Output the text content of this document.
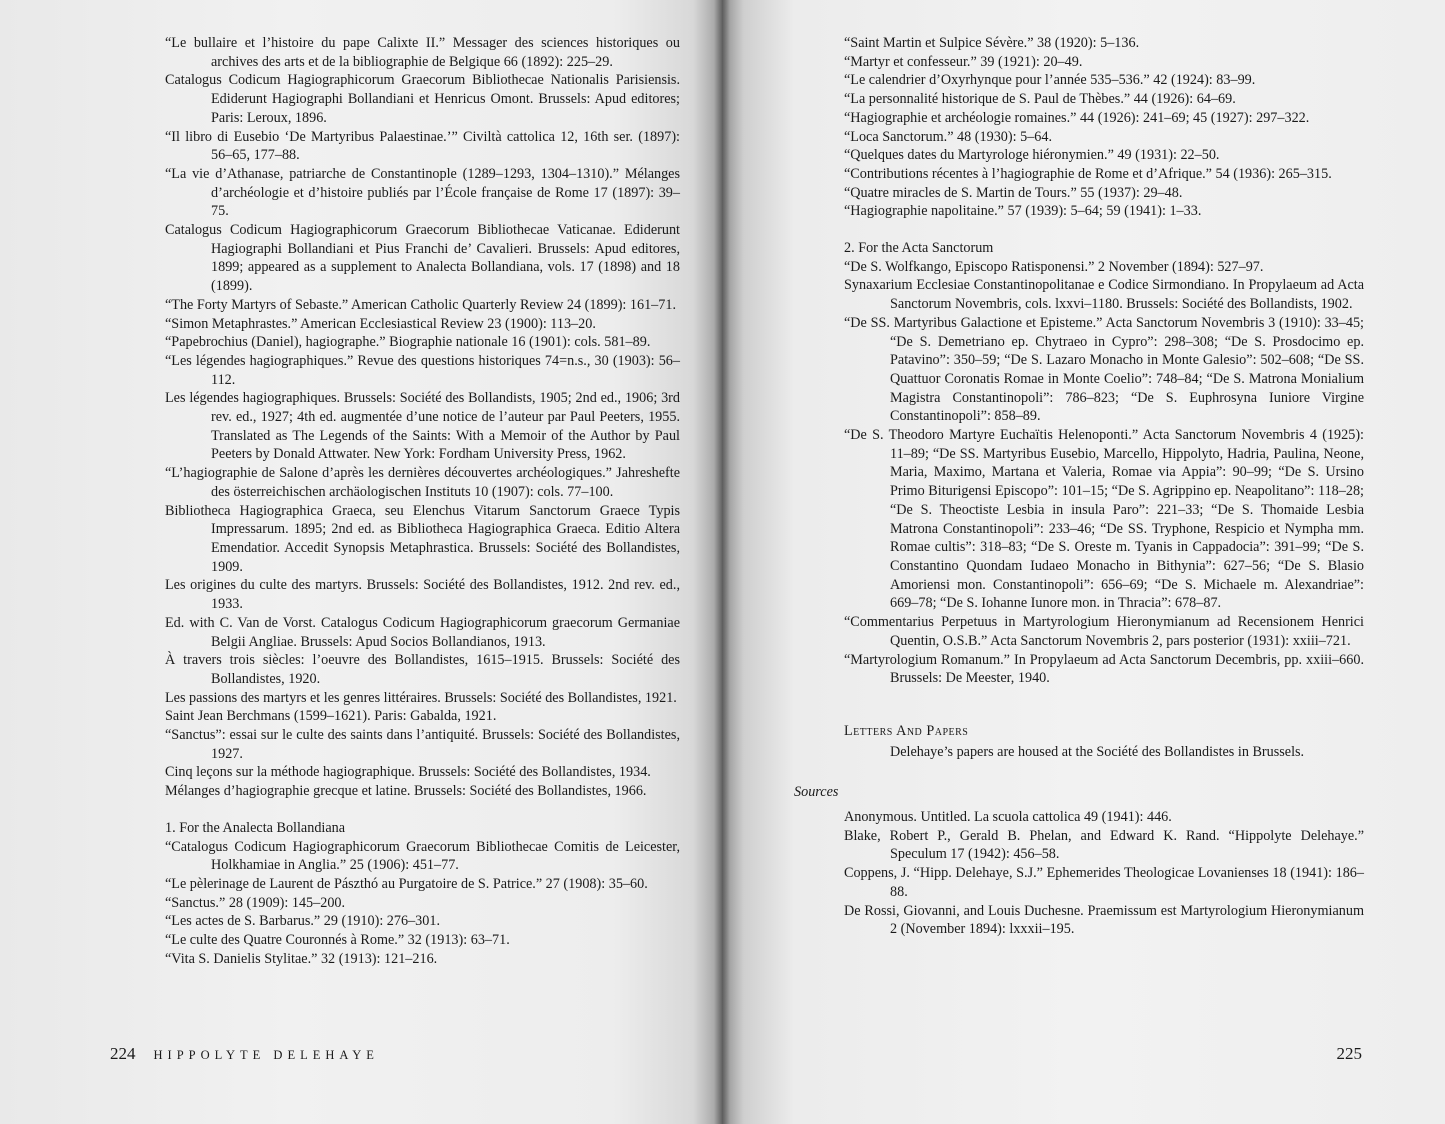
“Le bullaire et l’histoire du pape Calixte II.” Messager des sciences historiques ou archives des arts et de la bibliographie de Belgique 66 (1892): 225–29.

Catalogus Codicum Hagiographicorum Graecorum Bibliothecae Nationalis Parisiensis. Ediderunt Hagiographi Bollandiani et Henricus Omont. Brussels: Apud editores; Paris: Leroux, 1896.

“Il libro di Eusebio ‘De Martyribus Palaestinae.’” Civiltà cattolica 12, 16th ser. (1897): 56–65, 177–88.

“La vie d’Athanase, patriarche de Constantinople (1289–1293, 1304–1310).” Mélanges d’archéologie et d’histoire publiés par l’École française de Rome 17 (1897): 39–75.

Catalogus Codicum Hagiographicorum Graecorum Bibliothecae Vaticanae. Ediderunt Hagiographi Bollandiani et Pius Franchi de’ Cavalieri. Brussels: Apud editores, 1899; appeared as a supplement to Analecta Bollandiana, vols. 17 (1898) and 18 (1899).

“The Forty Martyrs of Sebaste.” American Catholic Quarterly Review 24 (1899): 161–71.

“Simon Metaphrastes.” American Ecclesiastical Review 23 (1900): 113–20.

“Papebrochius (Daniel), hagiographe.” Biographie nationale 16 (1901): cols. 581–89.

“Les légendes hagiographiques.” Revue des questions historiques 74=n.s., 30 (1903): 56–112.

Les légendes hagiographiques. Brussels: Société des Bollandists, 1905; 2nd ed., 1906; 3rd rev. ed., 1927; 4th ed. augmentée d’une notice de l’auteur par Paul Peeters, 1955. Translated as The Legends of the Saints: With a Memoir of the Author by Paul Peeters by Donald Attwater. New York: Fordham University Press, 1962.

“L’hagiographie de Salone d’après les dernières découvertes archéologiques.” Jahreshefte des österreichischen archäologischen Instituts 10 (1907): cols. 77–100.

Bibliotheca Hagiographica Graeca, seu Elenchus Vitarum Sanctorum Graece Typis Impressarum. 1895; 2nd ed. as Bibliotheca Hagiographica Graeca. Editio Altera Emendatior. Accedit Synopsis Metaphrastica. Brussels: Société des Bollandistes, 1909.

Les origines du culte des martyrs. Brussels: Société des Bollandistes, 1912. 2nd rev. ed., 1933.

Ed. with C. Van de Vorst. Catalogus Codicum Hagiographicorum graecorum Germaniae Belgii Angliae. Brussels: Apud Socios Bollandianos, 1913.

À travers trois siècles: l’oeuvre des Bollandistes, 1615–1915. Brussels: Société des Bollandistes, 1920.

Les passions des martyrs et les genres littéraires. Brussels: Société des Bollandistes, 1921.

Saint Jean Berchmans (1599–1621). Paris: Gabalda, 1921.

“Sanctus”: essai sur le culte des saints dans l’antiquité. Brussels: Société des Bollandistes, 1927.

Cinq leçons sur la méthode hagiographique. Brussels: Société des Bollandistes, 1934.

Mélanges d’hagiographie grecque et latine. Brussels: Société des Bollandistes, 1966.

1. For the Analecta Bollandiana

“Catalogus Codicum Hagiographicorum Graecorum Bibliothecae Comitis de Leicester, Holkhamiae in Anglia.” 25 (1906): 451–77.

“Le pèlerinage de Laurent de Pászthó au Purgatoire de S. Patrice.” 27 (1908): 35–60.

“Sanctus.” 28 (1909): 145–200.

“Les actes de S. Barbarus.” 29 (1910): 276–301.

“Le culte des Quatre Couronnés à Rome.” 32 (1913): 63–71.

“Vita S. Danielis Stylitae.” 32 (1913): 121–216.

224 HIPPOLYTE DELEHAYE

“Saint Martin et Sulpice Sévère.” 38 (1920): 5–136.

“Martyr et confesseur.” 39 (1921): 20–49.

“Le calendrier d’Oxyrhynque pour l’année 535–536.” 42 (1924): 83–99.

“La personnalité historique de S. Paul de Thèbes.” 44 (1926): 64–69.

“Hagiographie et archéologie romaines.” 44 (1926): 241–69; 45 (1927): 297–322.

“Loca Sanctorum.” 48 (1930): 5–64.

“Quelques dates du Martyrologe hiéronymien.” 49 (1931): 22–50.

“Contributions récentes à l’hagiographie de Rome et d’Afrique.” 54 (1936): 265–315.

“Quatre miracles de S. Martin de Tours.” 55 (1937): 29–48.

“Hagiographie napolitaine.” 57 (1939): 5–64; 59 (1941): 1–33.

2. For the Acta Sanctorum

“De S. Wolfkango, Episcopo Ratisponensi.” 2 November (1894): 527–97.

Synaxarium Ecclesiae Constantinopolitanae e Codice Sirmondiano. In Propylaeum ad Acta Sanctorum Novembris, cols. lxxvi–1180. Brussels: Société des Bollandists, 1902.

“De SS. Martyribus Galactione et Episteme.” Acta Sanctorum Novembris 3 (1910): 33–45; “De S. Demetriano ep. Chytraeo in Cypro”: 298–308; “De S. Prosdocimo ep. Patavino”: 350–59; “De S. Lazaro Monacho in Monte Galesio”: 502–608; “De SS. Quattuor Coronatis Romae in Monte Coelio”: 748–84; “De S. Matrona Monialium Magistra Constantinopoli”: 786–823; “De S. Euphrosyna Iuniore Virgine Constantinopoli”: 858–89.

“De S. Theodoro Martyre Euchaïtis Helenoponti.” Acta Sanctorum Novembris 4 (1925): 11–89; “De SS. Martyribus Eusebio, Marcello, Hippolyto, Hadria, Paulina, Neone, Maria, Maximo, Martana et Valeria, Romae via Appia”: 90–99; “De S. Ursino Primo Biturigensi Episcopo”: 101–15; “De S. Agrippino ep. Neapolitano”: 118–28; “De S. Theoctiste Lesbia in insula Paro”: 221–33; “De S. Thomaide Lesbia Matrona Constantinopoli”: 233–46; “De SS. Tryphone, Respicio et Nympha mm. Romae cultis”: 318–83; “De S. Oreste m. Tyanis in Cappadocia”: 391–99; “De S. Constantino Quondam Iudaeo Monacho in Bithynia”: 627–56; “De S. Blasio Amoriensi mon. Constantinopoli”: 656–69; “De S. Michaele m. Alexandriae”: 669–78; “De S. Iohanne Iunore mon. in Thracia”: 678–87.

“Commentarius Perpetuus in Martyrologium Hieronymianum ad Recensionem Henrici Quentin, O.S.B.” Acta Sanctorum Novembris 2, pars posterior (1931): xxiii–721.

“Martyrologium Romanum.” In Propylaeum ad Acta Sanctorum Decembris, pp. xxiii–660. Brussels: De Meester, 1940.

Letters And Papers

Delehaye’s papers are housed at the Société des Bollandistes in Brussels.

Sources

Anonymous. Untitled. La scuola cattolica 49 (1941): 446.

Blake, Robert P., Gerald B. Phelan, and Edward K. Rand. “Hippolyte Delehaye.” Speculum 17 (1942): 456–58.

Coppens, J. “Hipp. Delehaye, S.J.” Ephemerides Theologicae Lovanienses 18 (1941): 186–88.

De Rossi, Giovanni, and Louis Duchesne. Praemissum est Martyrologium Hieronymianum 2 (November 1894): lxxxii–195.

225
